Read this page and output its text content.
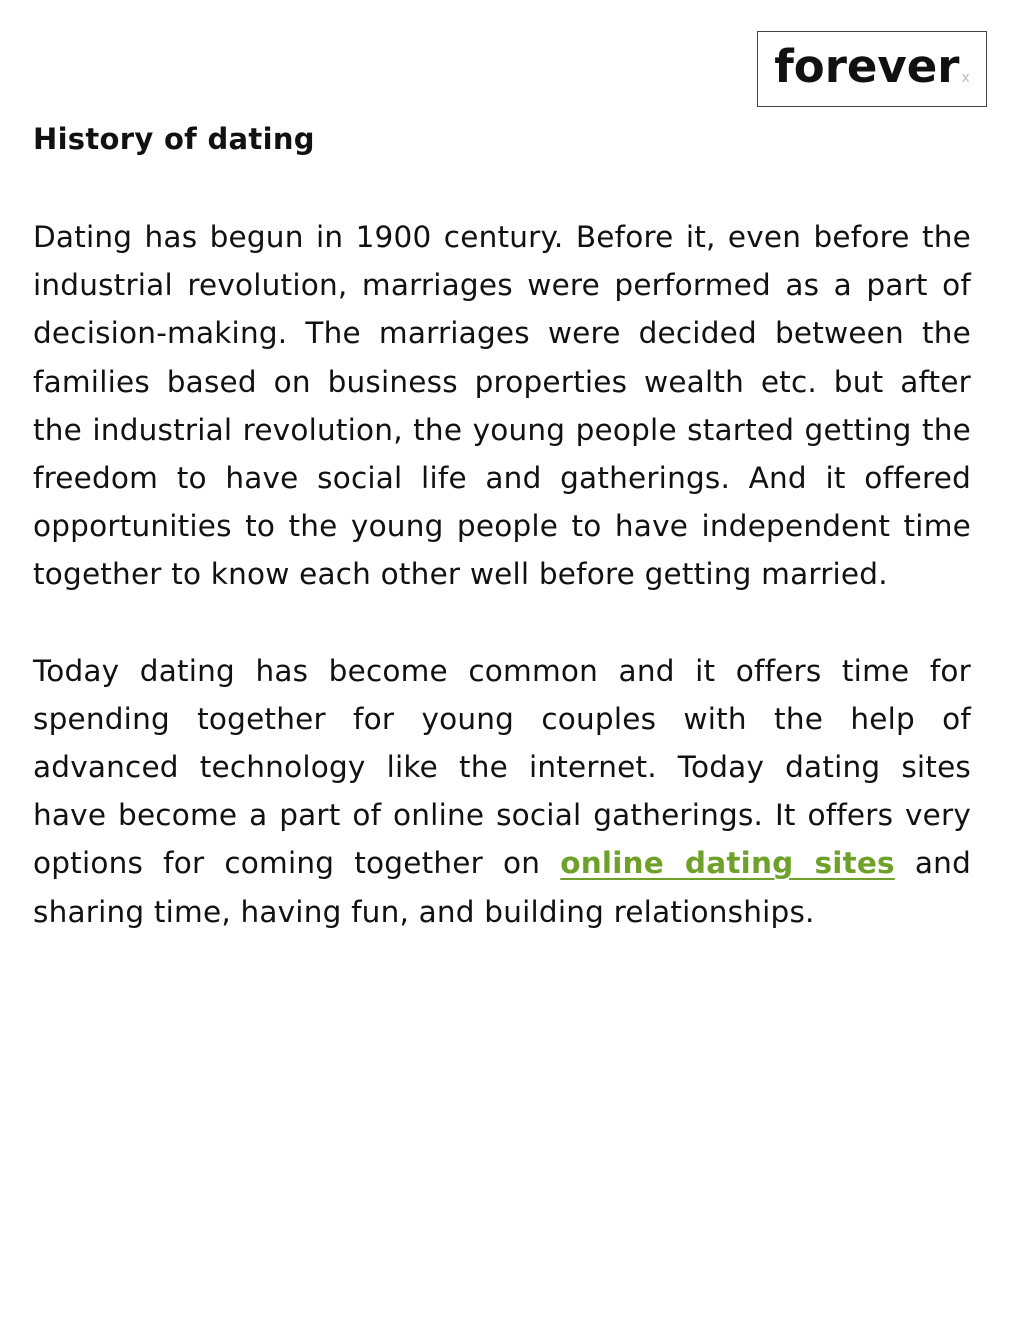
forever x
History of dating

Dating has begun in 1900 century. Before it, even before the industrial revolution, marriages were performed as a part of decision-making. The marriages were decided between the families based on business properties wealth etc. but after the industrial revolution, the young people started getting the freedom to have social life and gatherings. And it offered opportunities to the young people to have independent time together to know each other well before getting married.

Today dating has become common and it offers time for spending together for young couples with the help of advanced technology like the internet. Today dating sites have become a part of online social gatherings. It offers very options for coming together on online dating sites and sharing time, having fun, and building relationships.
